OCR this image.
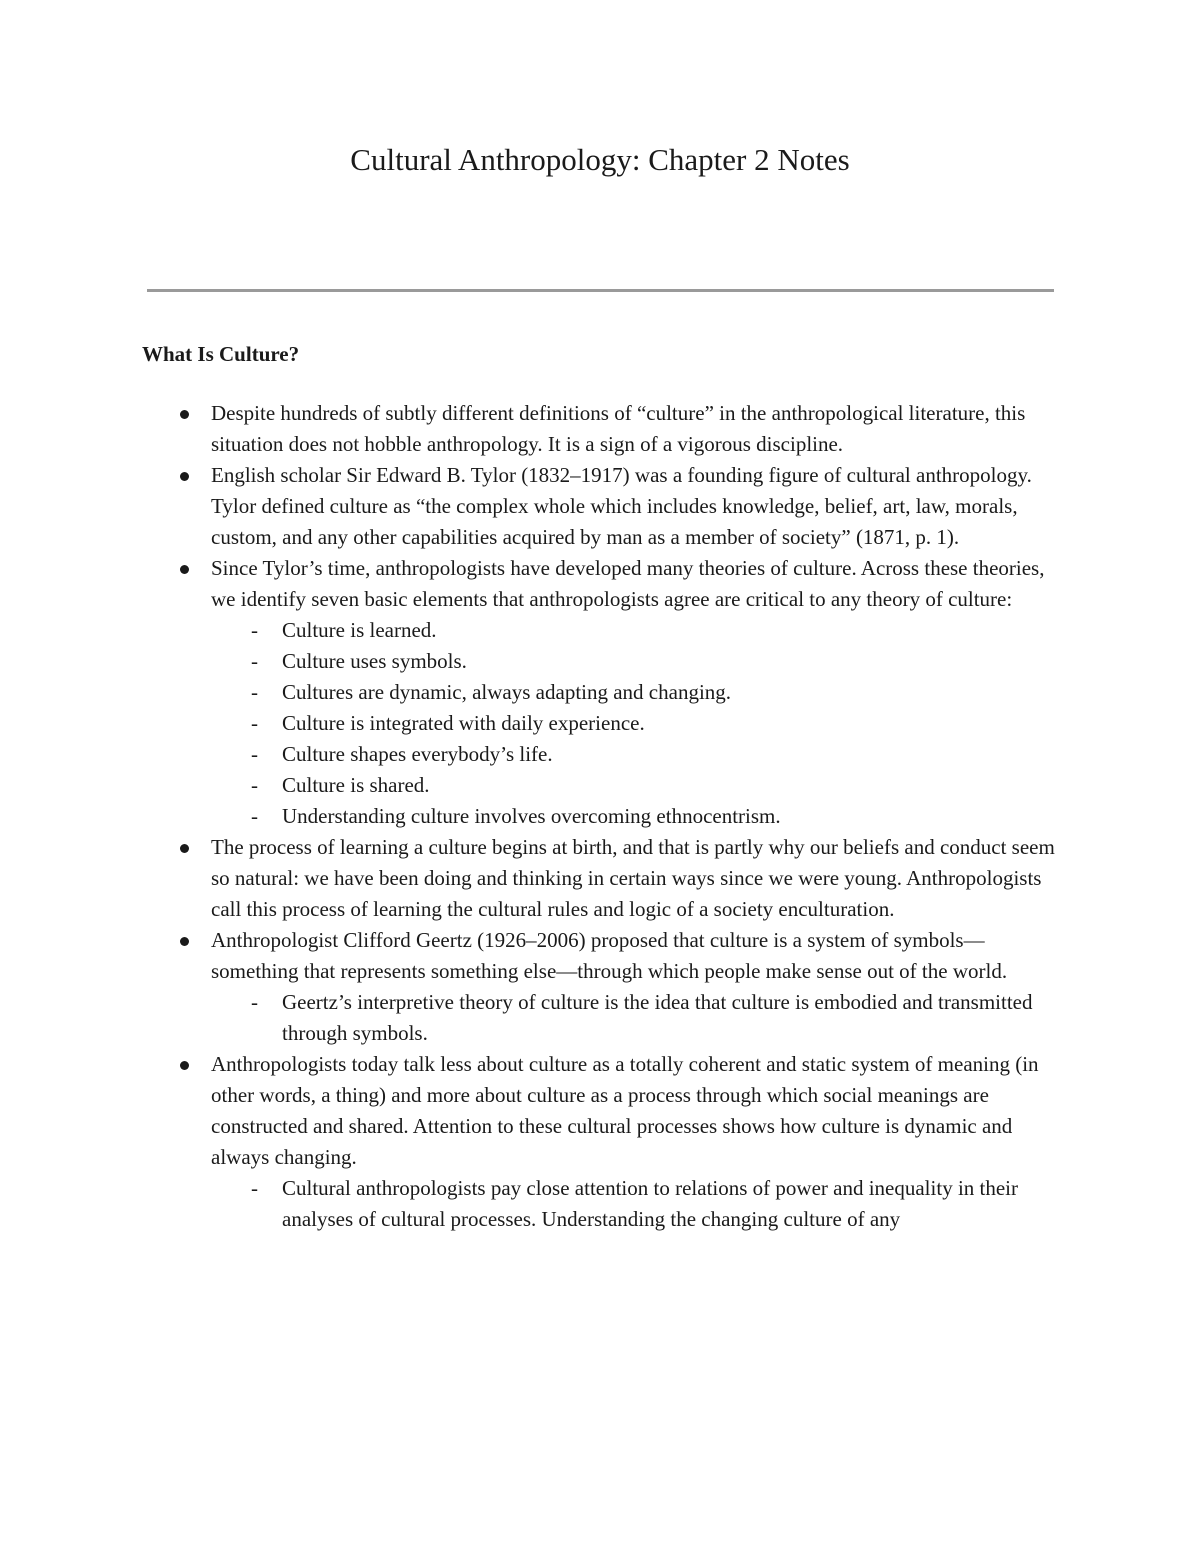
Cultural Anthropology: Chapter 2 Notes
What Is Culture?
Despite hundreds of subtly different definitions of “culture” in the anthropological literature, this situation does not hobble anthropology. It is a sign of a vigorous discipline.
English scholar Sir Edward B. Tylor (1832–1917) was a founding figure of cultural anthropology. Tylor defined culture as “the complex whole which includes knowledge, belief, art, law, morals, custom, and any other capabilities acquired by man as a member of society” (1871, p. 1).
Since Tylor’s time, anthropologists have developed many theories of culture. Across these theories, we identify seven basic elements that anthropologists agree are critical to any theory of culture:
- Culture is learned.
- Culture uses symbols.
- Cultures are dynamic, always adapting and changing.
- Culture is integrated with daily experience.
- Culture shapes everybody’s life.
- Culture is shared.
- Understanding culture involves overcoming ethnocentrism.
The process of learning a culture begins at birth, and that is partly why our beliefs and conduct seem so natural: we have been doing and thinking in certain ways since we were young. Anthropologists call this process of learning the cultural rules and logic of a society enculturation.
Anthropologist Clifford Geertz (1926–2006) proposed that culture is a system of symbols—something that represents something else—through which people make sense out of the world.
- Geertz’s interpretive theory of culture is the idea that culture is embodied and transmitted through symbols.
Anthropologists today talk less about culture as a totally coherent and static system of meaning (in other words, a thing) and more about culture as a process through which social meanings are constructed and shared. Attention to these cultural processes shows how culture is dynamic and always changing.
- Cultural anthropologists pay close attention to relations of power and inequality in their analyses of cultural processes. Understanding the changing culture of any
